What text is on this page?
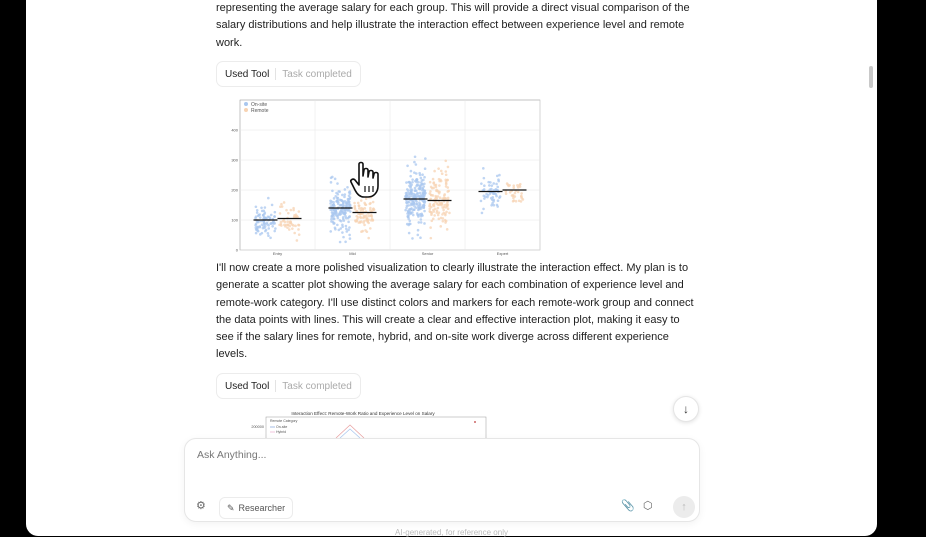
representing the average salary for each group. This will provide a direct visual comparison of the salary distributions and help illustrate the interaction effect between experience level and remote work.

Used Tool Task completed
0
100
200
300
400
Entry	Mid	Senior	Expert
On-site
Remote

I'll now create a more polished visualization to clearly illustrate the interaction effect. My plan is to generate a scatter plot showing the average salary for each combination of experience level and remote-work category. I'll use distinct colors and markers for each remote-work group and connect the data points with lines. This will create a clear and effective interaction plot, making it easy to see if the salary lines for remote, hybrid, and on-site work diverge across different experience levels.

Used Tool Task completed
Interaction Effect: Remote-Work Ratio and Experience Level on Salary
200000
Remote Category
On-site
Hybrid
↓
Ask Anything...
⚙ ✎ Researcher	📎 ⬡	↑
AI-generated, for reference only
